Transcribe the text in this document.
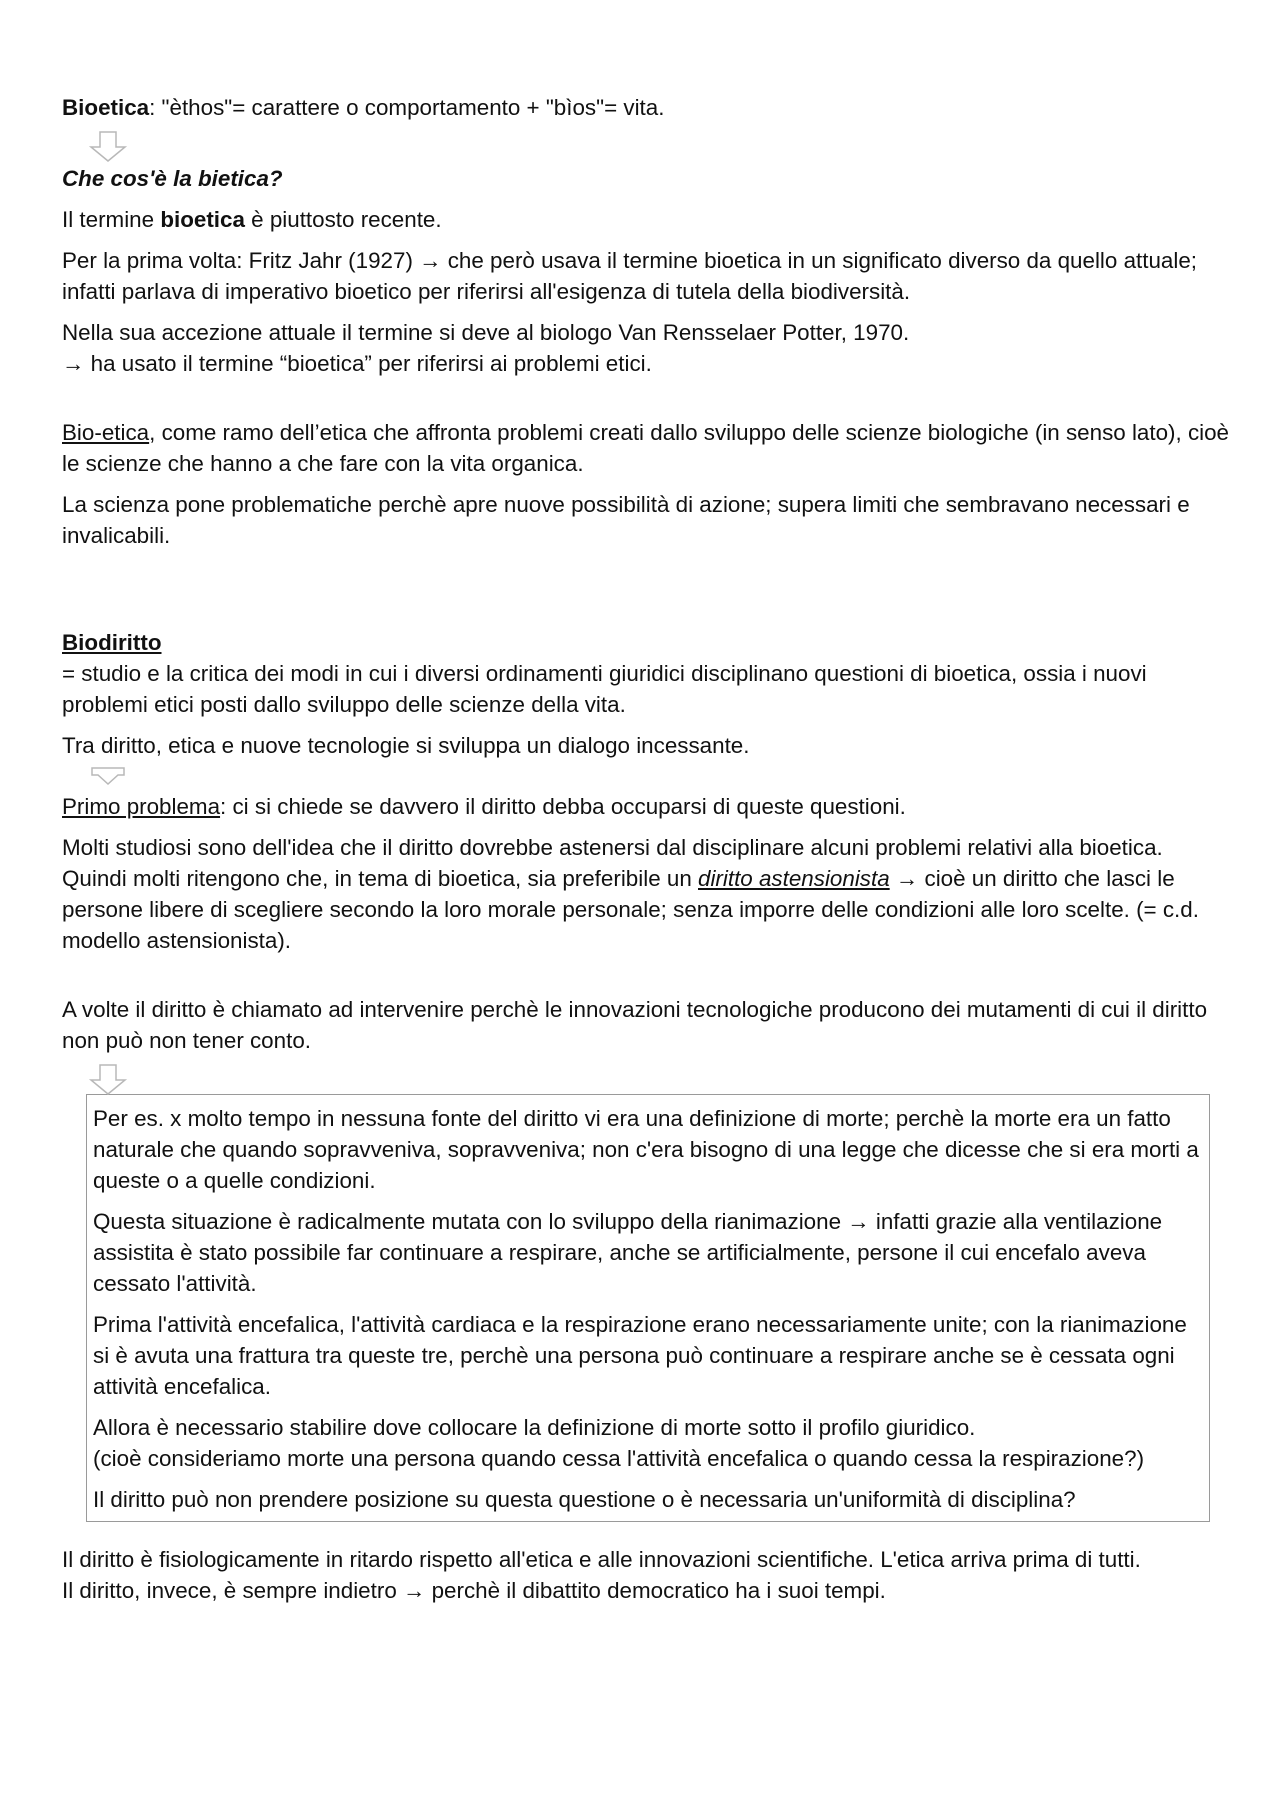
Bioetica: "èthos"= carattere o comportamento + "bìos"= vita.

Che cos'è la bietica?

Il termine bioetica è piuttosto recente.

Per la prima volta: Fritz Jahr (1927) → che però usava il termine bioetica in un significato diverso da quello attuale;
infatti parlava di imperativo bioetico per riferirsi all'esigenza di tutela della biodiversità.

Nella sua accezione attuale il termine si deve al biologo Van Rensselaer Potter, 1970.
→ ha usato il termine “bioetica” per riferirsi ai problemi etici.

Bio-etica, come ramo dell’etica che affronta problemi creati dallo sviluppo delle scienze biologiche (in senso lato), cioè le scienze che hanno a che fare con la vita organica.

La scienza pone problematiche perchè apre nuove possibilità di azione; supera limiti che sembravano necessari e invalicabili.

Biodiritto
= studio e la critica dei modi in cui i diversi ordinamenti giuridici disciplinano questioni di bioetica, ossia i nuovi problemi etici posti dallo sviluppo delle scienze della vita.

Tra diritto, etica e nuove tecnologie si sviluppa un dialogo incessante.

Primo problema: ci si chiede se davvero il diritto debba occuparsi di queste questioni.

Molti studiosi sono dell'idea che il diritto dovrebbe astenersi dal disciplinare alcuni problemi relativi alla bioetica.
Quindi molti ritengono che, in tema di bioetica, sia preferibile un diritto astensionista → cioè un diritto che lasci le persone libere di scegliere secondo la loro morale personale; senza imporre delle condizioni alle loro scelte. (= c.d. modello astensionista).

A volte il diritto è chiamato ad intervenire perchè le innovazioni tecnologiche producono dei mutamenti di cui il diritto non può non tener conto.

Per es. x molto tempo in nessuna fonte del diritto vi era una definizione di morte; perchè la morte era un fatto naturale che quando sopravveniva, sopravveniva; non c'era bisogno di una legge che dicesse che si era morti a queste o a quelle condizioni.

Questa situazione è radicalmente mutata con lo sviluppo della rianimazione → infatti grazie alla ventilazione assistita è stato possibile far continuare a respirare, anche se artificialmente, persone il cui encefalo aveva cessato l'attività.

Prima l'attività encefalica, l'attività cardiaca e la respirazione erano necessariamente unite; con la rianimazione si è avuta una frattura tra queste tre, perchè una persona può continuare a respirare anche se è cessata ogni attività encefalica.

Allora è necessario stabilire dove collocare la definizione di morte sotto il profilo giuridico.
(cioè consideriamo morte una persona quando cessa l'attività encefalica o quando cessa la respirazione?)

Il diritto può non prendere posizione su questa questione o è necessaria un'uniformità di disciplina?

Il diritto è fisiologicamente in ritardo rispetto all'etica e alle innovazioni scientifiche. L'etica arriva prima di tutti.
Il diritto, invece, è sempre indietro → perchè il dibattito democratico ha i suoi tempi.
